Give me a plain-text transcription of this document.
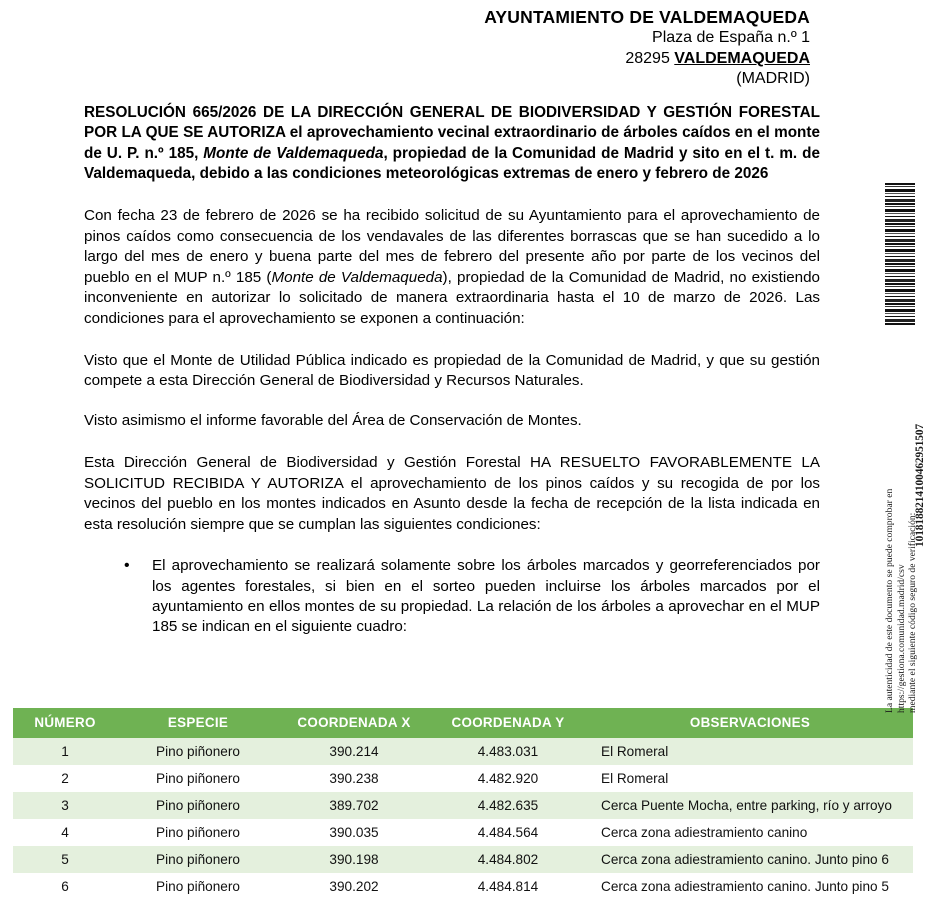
AYUNTAMIENTO DE VALDEMAQUEDA
Plaza de España n.º 1
28295 VALDEMAQUEDA
(MADRID)
RESOLUCIÓN 665/2026 DE LA DIRECCIÓN GENERAL DE BIODIVERSIDAD Y GESTIÓN FORESTAL POR LA QUE SE AUTORIZA el aprovechamiento vecinal extraordinario de árboles caídos en el monte de U. P. n.º 185, Monte de Valdemaqueda, propiedad de la Comunidad de Madrid y sito en el t. m. de Valdemaqueda, debido a las condiciones meteorológicas extremas de enero y febrero de 2026

Con fecha 23 de febrero de 2026 se ha recibido solicitud de su Ayuntamiento para el aprovechamiento de pinos caídos como consecuencia de los vendavales de las diferentes borrascas que se han sucedido a lo largo del mes de enero y buena parte del mes de febrero del presente año por parte de los vecinos del pueblo en el MUP n.º 185 (Monte de Valdemaqueda), propiedad de la Comunidad de Madrid, no existiendo inconveniente en autorizar lo solicitado de manera extraordinaria hasta el 10 de marzo de 2026. Las condiciones para el aprovechamiento se exponen a continuación:

Visto que el Monte de Utilidad Pública indicado es propiedad de la Comunidad de Madrid, y que su gestión compete a esta Dirección General de Biodiversidad y Recursos Naturales.

Visto asimismo el informe favorable del Área de Conservación de Montes.

Esta Dirección General de Biodiversidad y Gestión Forestal HA RESUELTO FAVORABLEMENTE LA SOLICITUD RECIBIDA Y AUTORIZA el aprovechamiento de los pinos caídos y su recogida de por los vecinos del pueblo en los montes indicados en Asunto desde la fecha de recepción de la lista indicada en esta resolución siempre que se cumplan las siguientes condiciones:

• El aprovechamiento se realizará solamente sobre los árboles marcados y georreferenciados por los agentes forestales, si bien en el sorteo pueden incluirse los árboles marcados por el ayuntamiento en ellos montes de su propiedad. La relación de los árboles a aprovechar en el MUP 185 se indican en el siguiente cuadro:
NÚMERO	ESPECIE	COORDENADA X	COORDENADA Y	OBSERVACIONES
1	Pino piñonero	390.214	4.483.031	El Romeral
2	Pino piñonero	390.238	4.482.920	El Romeral
3	Pino piñonero	389.702	4.482.635	Cerca Puente Mocha, entre parking, río y arroyo
4	Pino piñonero	390.035	4.484.564	Cerca zona adiestramiento canino
5	Pino piñonero	390.198	4.484.802	Cerca zona adiestramiento canino. Junto pino 6
6	Pino piñonero	390.202	4.484.814	Cerca zona adiestramiento canino. Junto pino 5
1018188214100462951507
La autenticidad de este documento se puede comprobar en https://gestiona.comunidad.madrid/csv mediante el siguiente código seguro de verificación:
